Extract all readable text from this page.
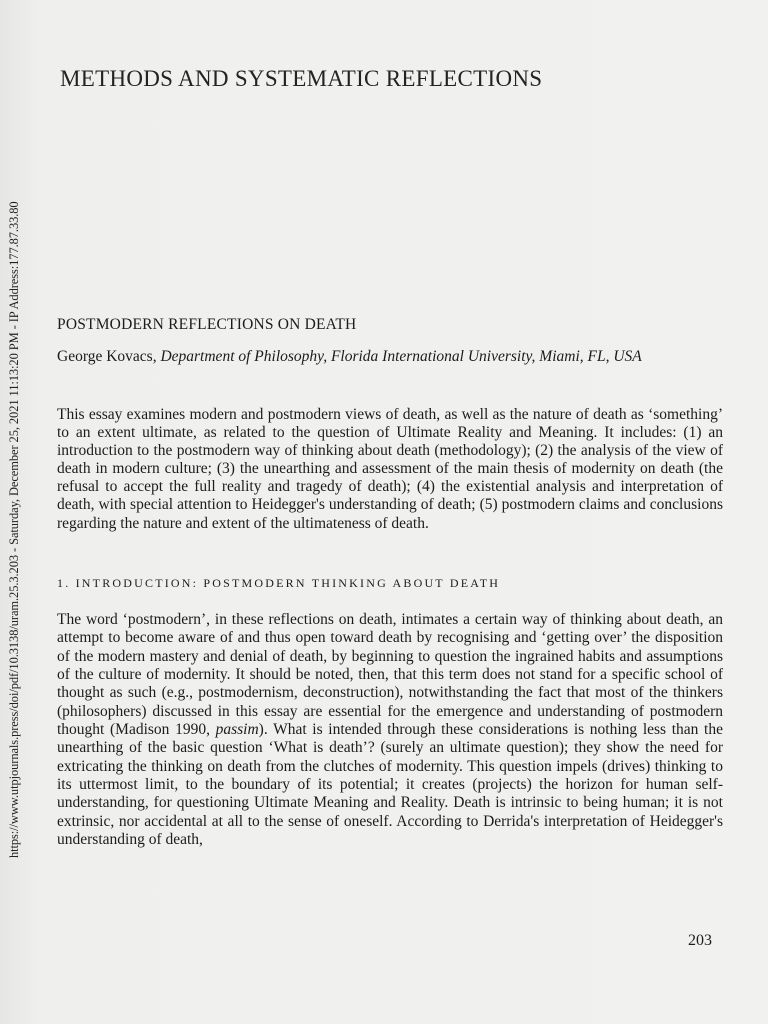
https://www.utpjournals.press/doi/pdf/10.3138/uram.25.3.203 - Saturday, December 25, 2021 11:13:20 PM - IP Address:177.87.33.80
METHODS AND SYSTEMATIC REFLECTIONS
POSTMODERN REFLECTIONS ON DEATH
George Kovacs, Department of Philosophy, Florida International University, Miami, FL, USA
This essay examines modern and postmodern views of death, as well as the nature of death as ‘something’ to an extent ultimate, as related to the question of Ultimate Reality and Meaning. It includes: (1) an introduction to the postmodern way of thinking about death (methodology); (2) the analysis of the view of death in modern culture; (3) the unearthing and assessment of the main thesis of modernity on death (the refusal to accept the full reality and tragedy of death); (4) the existential analysis and interpretation of death, with special attention to Heidegger's understanding of death; (5) postmodern claims and conclusions regarding the nature and extent of the ultimateness of death.
1. INTRODUCTION: POSTMODERN THINKING ABOUT DEATH
The word ‘postmodern’, in these reflections on death, intimates a certain way of thinking about death, an attempt to become aware of and thus open toward death by recognising and ‘getting over’ the disposition of the modern mastery and denial of death, by beginning to question the ingrained habits and assumptions of the culture of modernity. It should be noted, then, that this term does not stand for a specific school of thought as such (e.g., postmodernism, deconstruction), notwithstanding the fact that most of the thinkers (philosophers) discussed in this essay are essential for the emergence and understanding of postmodern thought (Madison 1990, passim). What is intended through these considerations is nothing less than the unearthing of the basic question ‘What is death’? (surely an ultimate question); they show the need for extricating the thinking on death from the clutches of modernity. This question impels (drives) thinking to its uttermost limit, to the boundary of its potential; it creates (projects) the horizon for human self-understanding, for questioning Ultimate Meaning and Reality. Death is intrinsic to being human; it is not extrinsic, nor accidental at all to the sense of oneself. According to Derrida's interpretation of Heidegger's understanding of death,
203
